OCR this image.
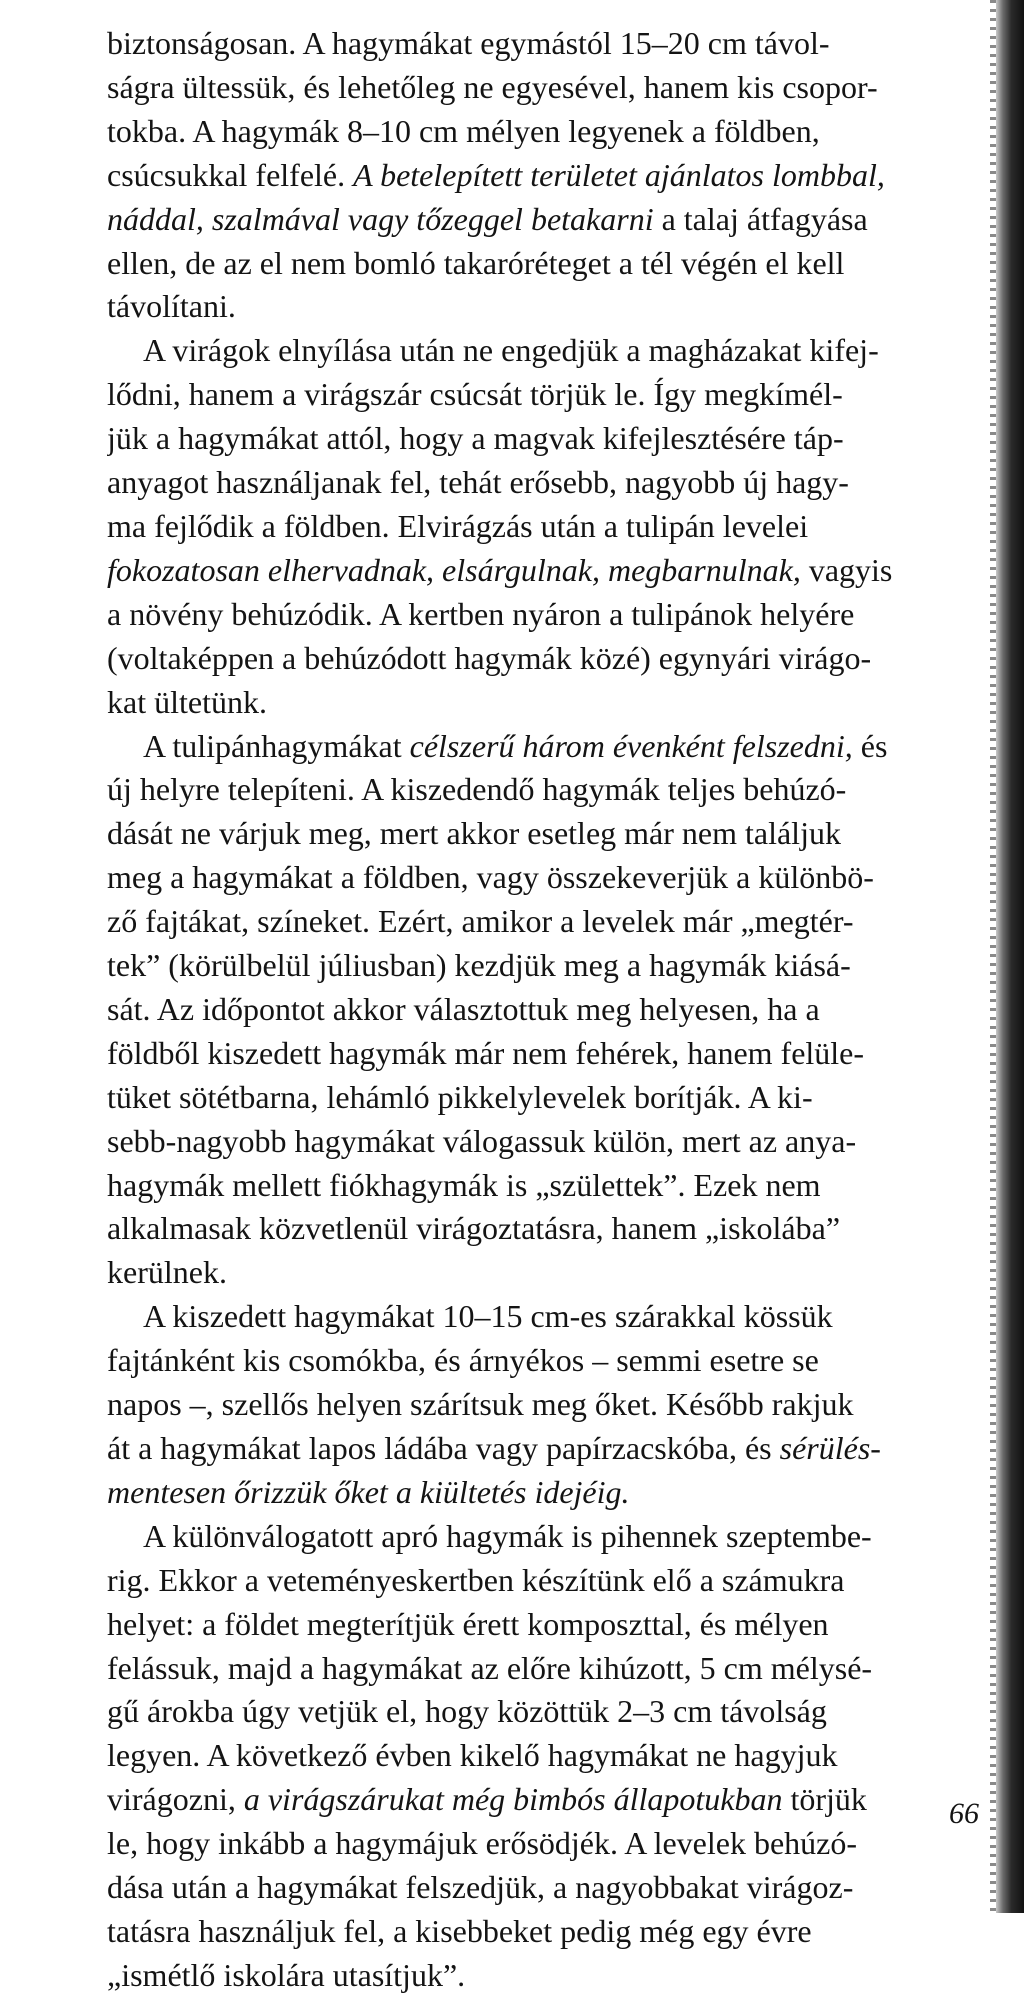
biztonságosan. A hagymákat egymástól 15–20 cm távol-
ságra ültessük, és lehetőleg ne egyesével, hanem kis csopor-
tokba. A hagymák 8–10 cm mélyen legyenek a földben,
csúcsukkal felfelé. A betelepített területet ajánlatos lombbal,
náddal, szalmával vagy tőzeggel betakarni a talaj átfagyása
ellen, de az el nem bomló takaróréteget a tél végén el kell
távolítani.
A virágok elnyílása után ne engedjük a magházakat kifej-
lődni, hanem a virágszár csúcsát törjük le. Így megkímél-
jük a hagymákat attól, hogy a magvak kifejlesztésére táp-
anyagot használjanak fel, tehát erősebb, nagyobb új hagy-
ma fejlődik a földben. Elvirágzás után a tulipán levelei
fokozatosan elhervadnak, elsárgulnak, megbarnulnak, vagyis
a növény behúzódik. A kertben nyáron a tulipánok helyére
(voltaképpen a behúzódott hagymák közé) egynyári virágo-
kat ültetünk.
A tulipánhagymákat célszerű három évenként felszedni, és
új helyre telepíteni. A kiszedendő hagymák teljes behúzó-
dását ne várjuk meg, mert akkor esetleg már nem találjuk
meg a hagymákat a földben, vagy összekeverjük a különbö-
ző fajtákat, színeket. Ezért, amikor a levelek már „megtér-
tek” (körülbelül júliusban) kezdjük meg a hagymák kiásá-
sát. Az időpontot akkor választottuk meg helyesen, ha a
földből kiszedett hagymák már nem fehérek, hanem felüle-
tüket sötétbarna, lehámló pikkelylevelek borítják. A ki-
sebb-nagyobb hagymákat válogassuk külön, mert az anya-
hagymák mellett fiókhagymák is „születtek”. Ezek nem
alkalmasak közvetlenül virágoztatásra, hanem „iskolába”
kerülnek.
A kiszedett hagymákat 10–15 cm-es szárakkal kössük
fajtánként kis csomókba, és árnyékos – semmi esetre se
napos –, szellős helyen szárítsuk meg őket. Később rakjuk
át a hagymákat lapos ládába vagy papírzacskóba, és sérülés-
mentesen őrizzük őket a kiültetés idejéig.
A különválogatott apró hagymák is pihennek szeptembe-
rig. Ekkor a veteményeskertben készítünk elő a számukra
helyet: a földet megterítjük érett komposzttal, és mélyen
felássuk, majd a hagymákat az előre kihúzott, 5 cm mélysé-
gű árokba úgy vetjük el, hogy közöttük 2–3 cm távolság
legyen. A következő évben kikelő hagymákat ne hagyjuk
virágozni, a virágszárukat még bimbós állapotukban törjük
le, hogy inkább a hagymájuk erősödjék. A levelek behúzó-
dása után a hagymákat felszedjük, a nagyobbakat virágoz-
tatásra használjuk fel, a kisebbeket pedig még egy évre
„ismétlő iskolára utasítjuk”.
66
